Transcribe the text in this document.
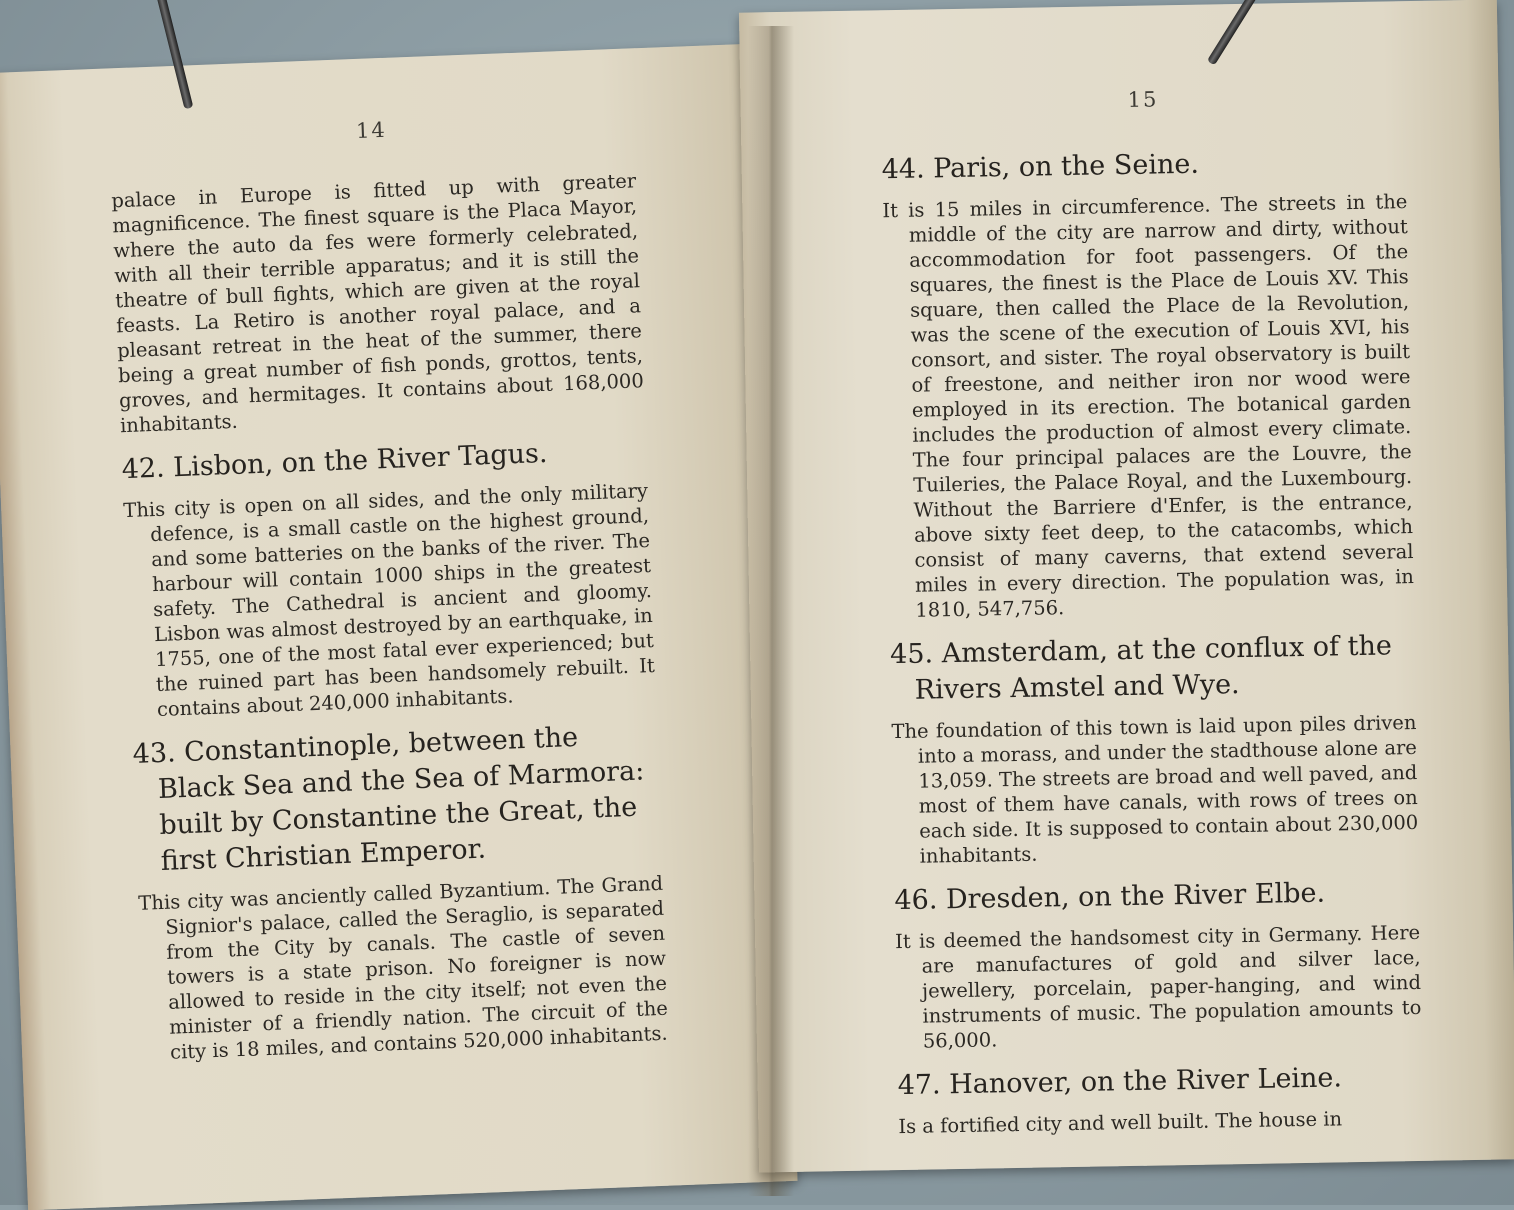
14

palace in Europe is fitted up with greater magnificence. The finest square is the Placa Mayor, where the auto da fes were formerly celebrated, with all their terrible apparatus; and it is still the theatre of bull fights, which are given at the royal feasts. La Retiro is another royal palace, and a pleasant retreat in the heat of the summer, there being a great number of fish ponds, grottos, tents, groves, and hermitages. It contains about 168,000 inhabitants.

42. Lisbon, on the River Tagus.

This city is open on all sides, and the only military defence, is a small castle on the highest ground, and some batteries on the banks of the river. The harbour will contain 1000 ships in the greatest safety. The Cathedral is ancient and gloomy. Lisbon was almost destroyed by an earthquake, in 1755, one of the most fatal ever experienced; but the ruined part has been handsomely rebuilt. It contains about 240,000 inhabitants.

43. Constantinople, between the Black Sea and the Sea of Marmora: built by Constantine the Great, the first Christian Emperor.

This city was anciently called Byzantium. The Grand Signior's palace, called the Seraglio, is separated from the City by canals. The castle of seven towers is a state prison. No foreigner is now allowed to reside in the city itself; not even the minister of a friendly nation. The circuit of the city is 18 miles, and contains 520,000 inhabitants.

15
44. Paris, on the Seine.

It is 15 miles in circumference. The streets in the middle of the city are narrow and dirty, without accommodation for foot passengers. Of the squares, the finest is the Place de Louis XV. This square, then called the Place de la Revolution, was the scene of the execution of Louis XVI, his consort, and sister. The royal observatory is built of freestone, and neither iron nor wood were employed in its erection. The botanical garden includes the production of almost every climate. The four principal palaces are the Louvre, the Tuileries, the Palace Royal, and the Luxembourg. Without the Barriere d'Enfer, is the entrance, above sixty feet deep, to the catacombs, which consist of many caverns, that extend several miles in every direction. The population was, in 1810, 547,756.

45. Amsterdam, at the conflux of the Rivers Amstel and Wye.

The foundation of this town is laid upon piles driven into a morass, and under the stadthouse alone are 13,059. The streets are broad and well paved, and most of them have canals, with rows of trees on each side. It is supposed to contain about 230,000 inhabitants.

46. Dresden, on the River Elbe.

It is deemed the handsomest city in Germany. Here are manufactures of gold and silver lace, jewellery, porcelain, paper-hanging, and wind instruments of music. The population amounts to 56,000.

47. Hanover, on the River Leine.

Is a fortified city and well built. The house in
